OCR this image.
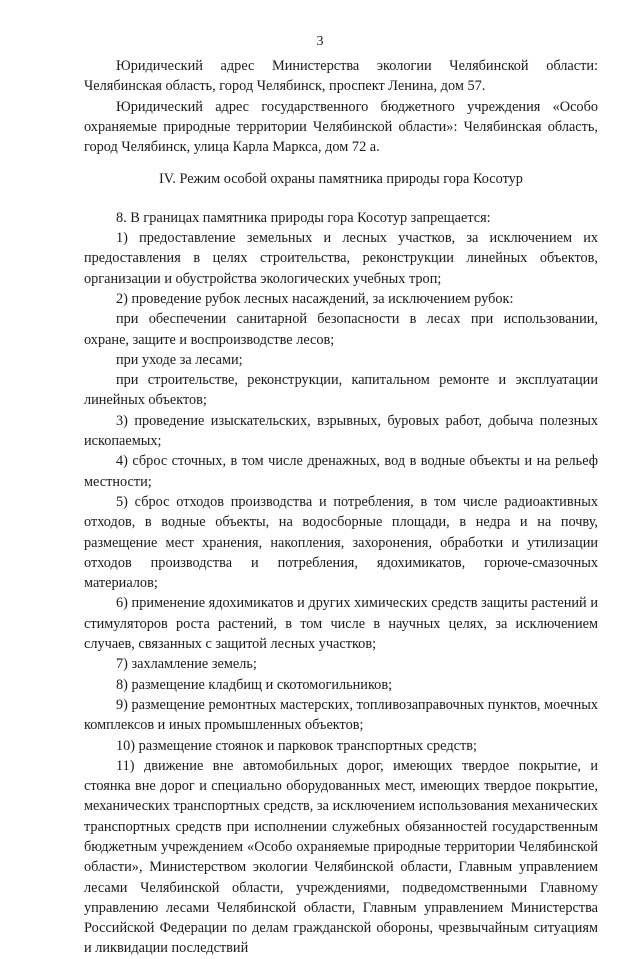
3

Юридический адрес Министерства экологии Челябинской области: Челябинская область, город Челябинск, проспект Ленина, дом 57.

Юридический адрес государственного бюджетного учреждения «Особо охраняемые природные территории Челябинской области»: Челябинская область, город Челябинск, улица Карла Маркса, дом 72 а.

IV. Режим особой охраны памятника природы гора Косотур

8. В границах памятника природы гора Косотур запрещается:

1) предоставление земельных и лесных участков, за исключением их предоставления в целях строительства, реконструкции линейных объектов, организации и обустройства экологических учебных троп;

2) проведение рубок лесных насаждений, за исключением рубок:

при обеспечении санитарной безопасности в лесах при использовании, охране, защите и воспроизводстве лесов;

при уходе за лесами;

при строительстве, реконструкции, капитальном ремонте и эксплуатации линейных объектов;

3) проведение изыскательских, взрывных, буровых работ, добыча полезных ископаемых;

4) сброс сточных, в том числе дренажных, вод в водные объекты и на рельеф местности;

5) сброс отходов производства и потребления, в том числе радиоактивных отходов, в водные объекты, на водосборные площади, в недра и на почву, размещение мест хранения, накопления, захоронения, обработки и утилизации отходов производства и потребления, ядохимикатов, горюче-смазочных материалов;

6) применение ядохимикатов и других химических средств защиты растений и стимуляторов роста растений, в том числе в научных целях, за исключением случаев, связанных с защитой лесных участков;

7) захламление земель;

8) размещение кладбищ и скотомогильников;

9) размещение ремонтных мастерских, топливозаправочных пунктов, моечных комплексов и иных промышленных объектов;

10) размещение стоянок и парковок транспортных средств;

11) движение вне автомобильных дорог, имеющих твердое покрытие, и стоянка вне дорог и специально оборудованных мест, имеющих твердое покрытие, механических транспортных средств, за исключением использования механических транспортных средств при исполнении служебных обязанностей государственным бюджетным учреждением «Особо охраняемые природные территории Челябинской области», Министерством экологии Челябинской области, Главным управлением лесами Челябинской области, учреждениями, подведомственными Главному управлению лесами Челябинской области, Главным управлением Министерства Российской Федерации по делам гражданской обороны, чрезвычайным ситуациям и ликвидации последствий
